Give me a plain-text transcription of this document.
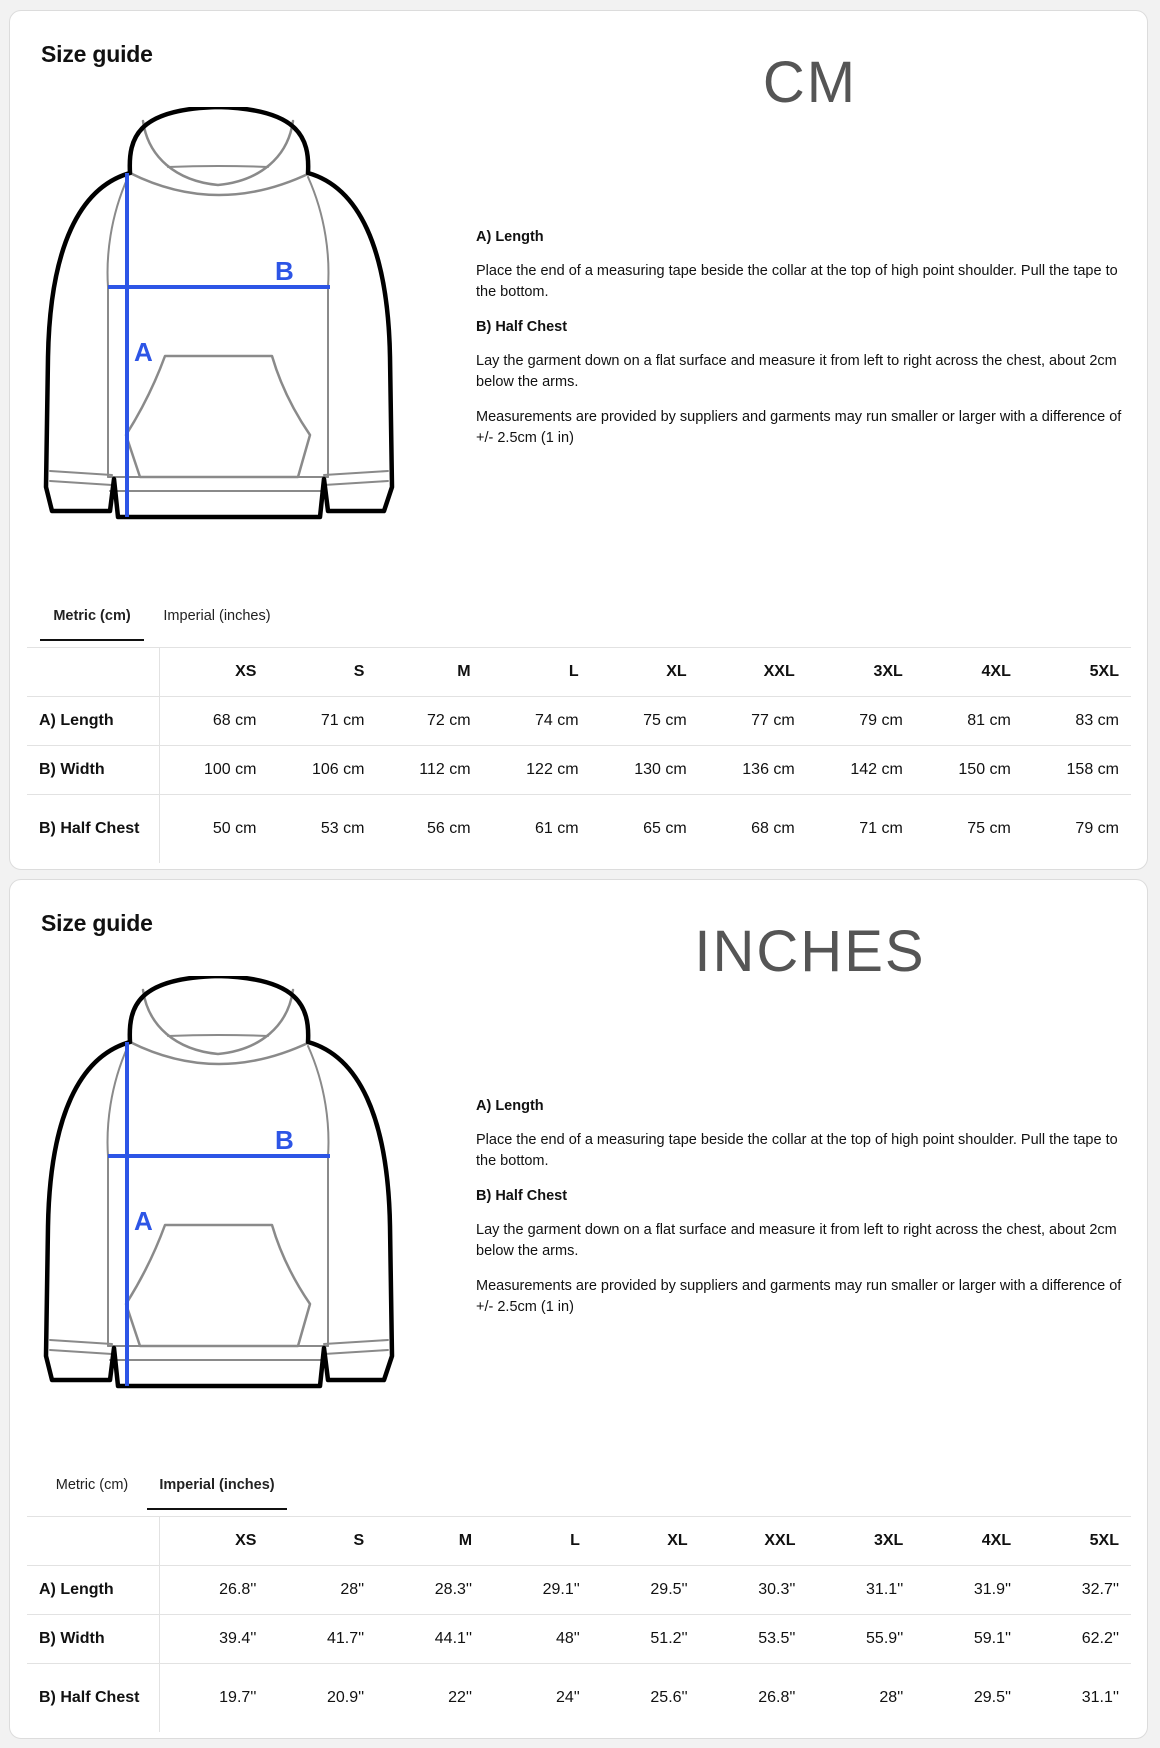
Size guide	CM
B
A
A) Length

Place the end of a measuring tape beside the collar at the top of high point shoulder. Pull the tape to the bottom.

B) Half Chest

Lay the garment down on a flat surface and measure it from left to right across the chest, about 2cm below the arms.

Measurements are provided by suppliers and garments may run smaller or larger with a difference of +/- 2.5cm (1 in)

Metric (cm)	Imperial (inches)
	XS	S	M	L	XL	XXL	3XL	4XL	5XL
A) Length	68 cm	71 cm	72 cm	74 cm	75 cm	77 cm	79 cm	81 cm	83 cm
B) Width	100 cm	106 cm	112 cm	122 cm	130 cm	136 cm	142 cm	150 cm	158 cm
B) Half Chest	50 cm	53 cm	56 cm	61 cm	65 cm	68 cm	71 cm	75 cm	79 cm
Size guide	INCHES
B
A
A) Length

Place the end of a measuring tape beside the collar at the top of high point shoulder. Pull the tape to the bottom.

B) Half Chest

Lay the garment down on a flat surface and measure it from left to right across the chest, about 2cm below the arms.

Measurements are provided by suppliers and garments may run smaller or larger with a difference of +/- 2.5cm (1 in)

Metric (cm)	Imperial (inches)
	XS	S	M	L	XL	XXL	3XL	4XL	5XL
A) Length	26.8''	28''	28.3''	29.1''	29.5''	30.3''	31.1''	31.9''	32.7''
B) Width	39.4''	41.7''	44.1''	48''	51.2''	53.5''	55.9''	59.1''	62.2''
B) Half Chest	19.7''	20.9''	22''	24''	25.6''	26.8''	28''	29.5''	31.1''
